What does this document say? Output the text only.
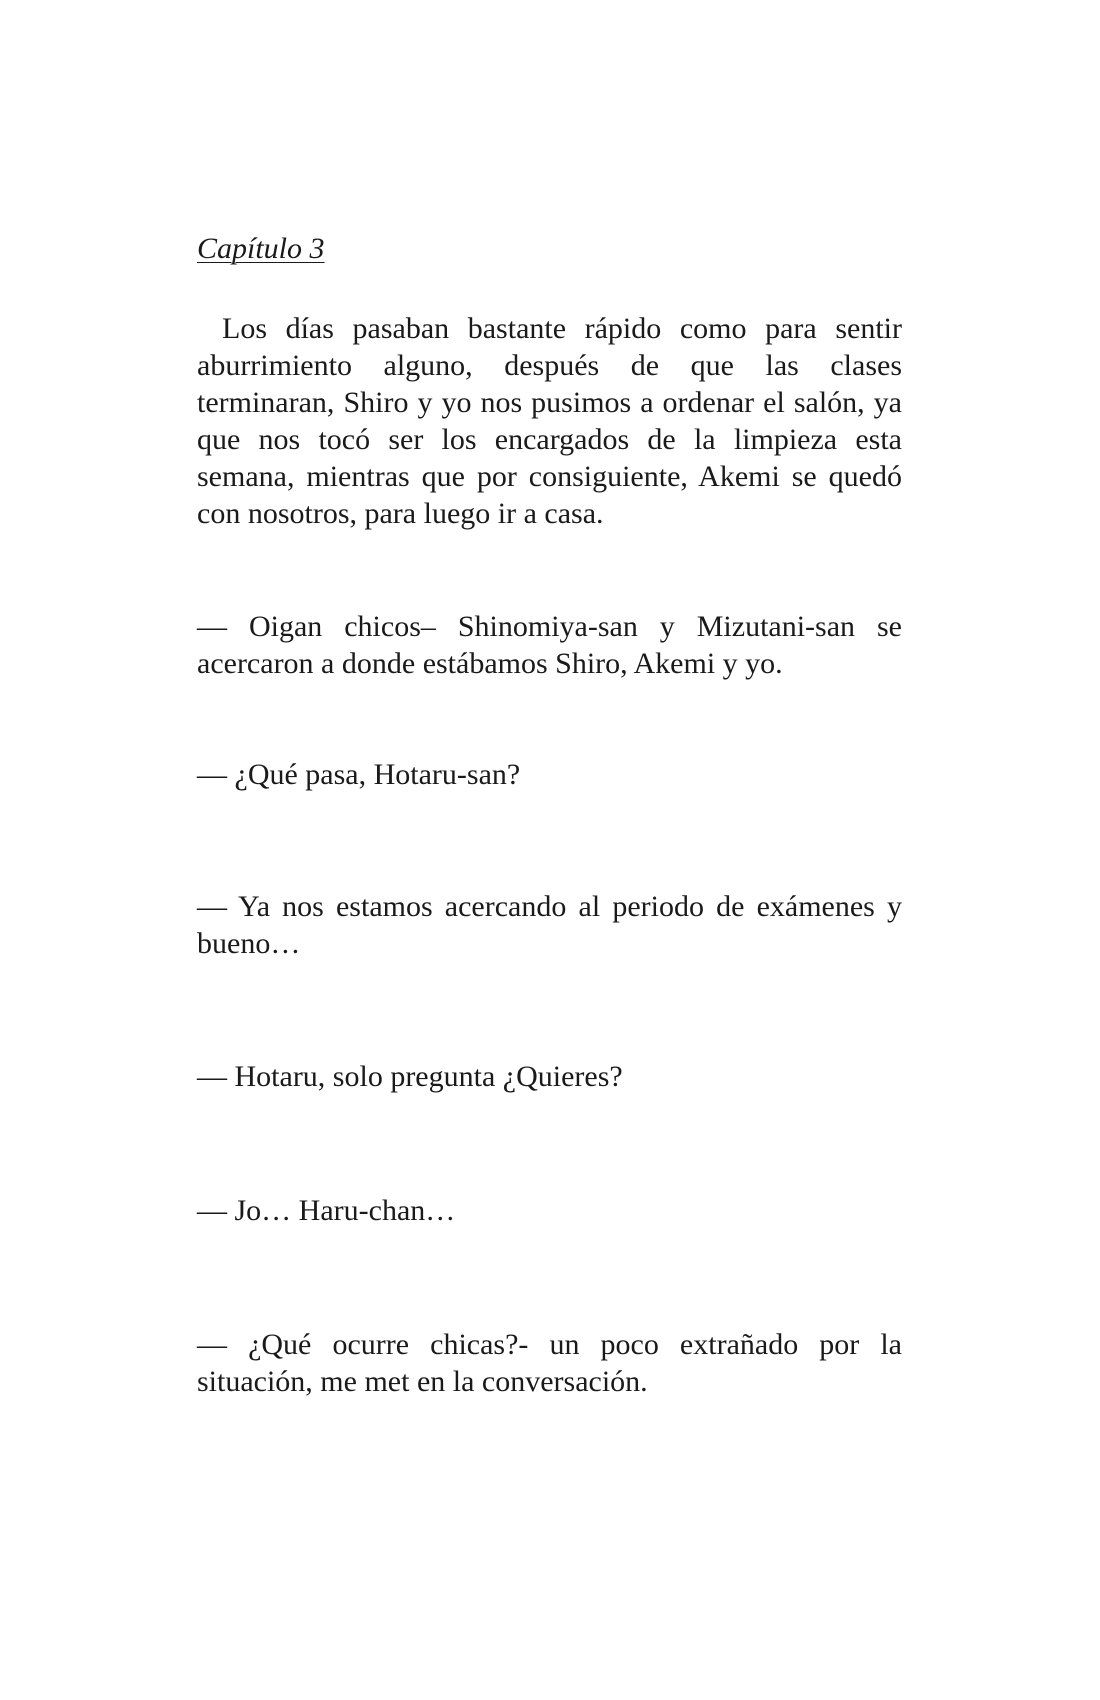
Capítulo 3

Los días pasaban bastante rápido como para sentir aburrimiento alguno, después de que las clases terminaran, Shiro y yo nos pusimos a ordenar el salón, ya que nos tocó ser los encargados de la limpieza esta semana, mientras que por consiguiente, Akemi se quedó con nosotros, para luego ir a casa.

— Oigan chicos– Shinomiya-san y Mizutani-san se acercaron a donde estábamos Shiro, Akemi y yo.

— ¿Qué pasa, Hotaru-san?

— Ya nos estamos acercando al periodo de exámenes y bueno…

— Hotaru, solo pregunta ¿Quieres?

— Jo… Haru-chan…

— ¿Qué ocurre chicas?- un poco extrañado por la situación, me met en la conversación.
